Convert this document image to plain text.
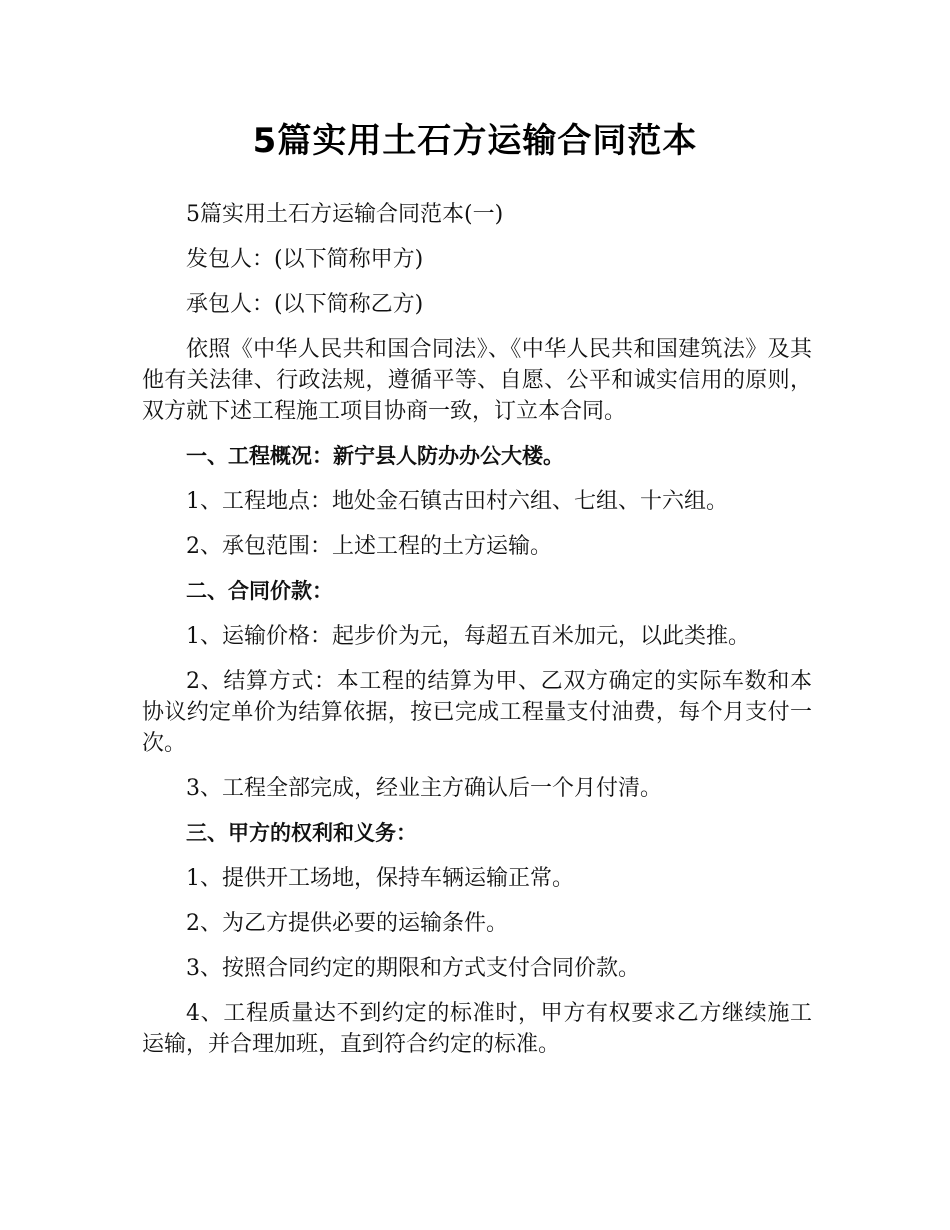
5篇实用土石方运输合同范本

5篇实用土石方运输合同范本(一)

发包人：(以下简称甲方)

承包人：(以下简称乙方)

依照《中华人民共和国合同法》、《中华人民共和国建筑法》及其他有关法律、行政法规，遵循平等、自愿、公平和诚实信用的原则，双方就下述工程施工项目协商一致，订立本合同。

一、工程概况：新宁县人防办办公大楼。

1、工程地点：地处金石镇古田村六组、七组、十六组。

2、承包范围：上述工程的土方运输。

二、合同价款：

1、运输价格：起步价为元，每超五百米加元，以此类推。

2、结算方式：本工程的结算为甲、乙双方确定的实际车数和本协议约定单价为结算依据，按已完成工程量支付油费，每个月支付一次。

3、工程全部完成，经业主方确认后一个月付清。

三、甲方的权利和义务：

1、提供开工场地，保持车辆运输正常。

2、为乙方提供必要的运输条件。

3、按照合同约定的期限和方式支付合同价款。

4、工程质量达不到约定的标准时，甲方有权要求乙方继续施工运输，并合理加班，直到符合约定的标准。
